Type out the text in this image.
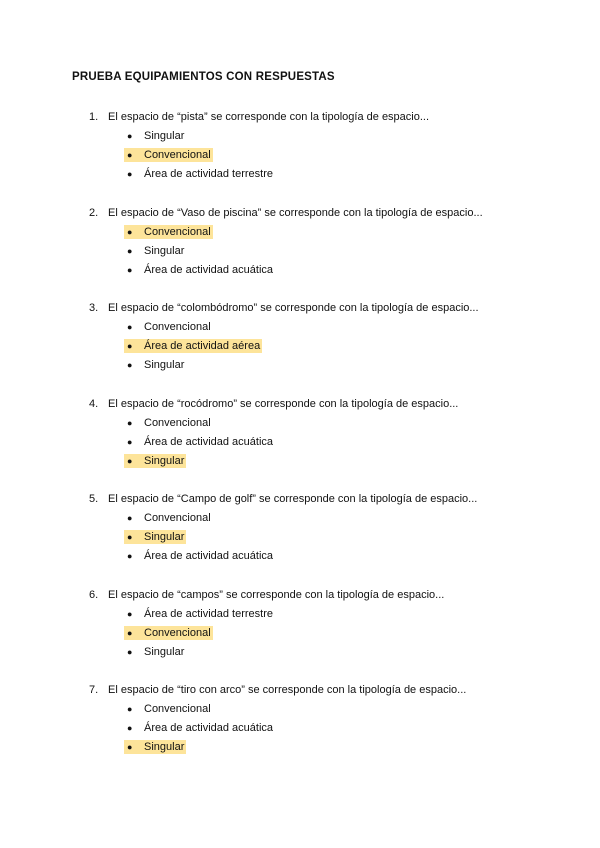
PRUEBA EQUIPAMIENTOS CON RESPUESTAS
1. El espacio de “pista” se corresponde con la tipología de espacio...
●	Singular
●	Convencional
●	Área de actividad terrestre
2. El espacio de “Vaso de piscina” se corresponde con la tipología de espacio...
●	Convencional
●	Singular
●	Área de actividad acuática
3. El espacio de “colombódromo” se corresponde con la tipología de espacio...
●	Convencional
●	Área de actividad aérea
●	Singular
4. El espacio de “rocódromo” se corresponde con la tipología de espacio...
●	Convencional
●	Área de actividad acuática
●	Singular
5. El espacio de “Campo de golf” se corresponde con la tipología de espacio...
●	Convencional
●	Singular
●	Área de actividad acuática
6. El espacio de “campos” se corresponde con la tipología de espacio...
●	Área de actividad terrestre
●	Convencional
●	Singular
7. El espacio de “tiro con arco” se corresponde con la tipología de espacio...
●	Convencional
●	Área de actividad acuática
●	Singular
